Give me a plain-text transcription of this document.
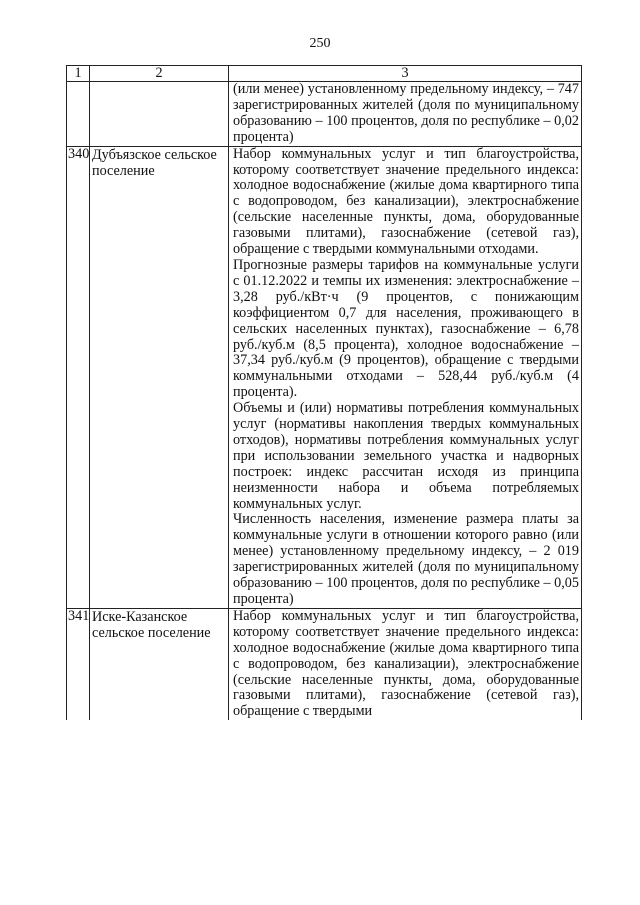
250
1	2	3

		(или менее) установленному предельному индексу, – 747 зарегистрированных жителей (доля по муниципальному образованию – 100 процентов, доля по республике – 0,02 процента)

340	Дубъязское сельское поселение	Набор коммунальных услуг и тип благоустройства, которому соответствует значение предельного индекса: холодное водоснабжение (жилые дома квартирного типа с водопроводом, без канализации), электроснабжение (сельские населенные пункты, дома, оборудованные газовыми плитами), газоснабжение (сетевой газ), обращение с твердыми коммунальными отходами.

Прогнозные размеры тарифов на коммунальные услуги с 01.12.2022 и темпы их изменения: электроснабжение – 3,28 руб./кВт·ч (9 процентов, с понижающим коэффициентом 0,7 для населения, проживающего в сельских населенных пунктах), газоснабжение – 6,78 руб./куб.м (8,5 процента), холодное водоснабжение – 37,34 руб./куб.м (9 процентов), обращение с твердыми коммунальными отходами – 528,44 руб./куб.м (4 процента).

Объемы и (или) нормативы потребления коммунальных услуг (нормативы накопления твердых коммунальных отходов), нормативы потребления коммунальных услуг при использовании земельного участка и надворных построек: индекс рассчитан исходя из принципа неизменности набора и объема потребляемых коммунальных услуг.

Численность населения, изменение размера платы за коммунальные услуги в отношении которого равно (или менее) установленному предельному индексу, – 2 019 зарегистрированных жителей (доля по муниципальному образованию – 100 процентов, доля по республике – 0,05 процента)

341	Иске-Казанское сельское поселение	Набор коммунальных услуг и тип благоустройства, которому соответствует значение предельного индекса: холодное водоснабжение (жилые дома квартирного типа с водопроводом, без канализации), электроснабжение (сельские населенные пункты, дома, оборудованные газовыми плитами), газоснабжение (сетевой газ), обращение с твердыми
